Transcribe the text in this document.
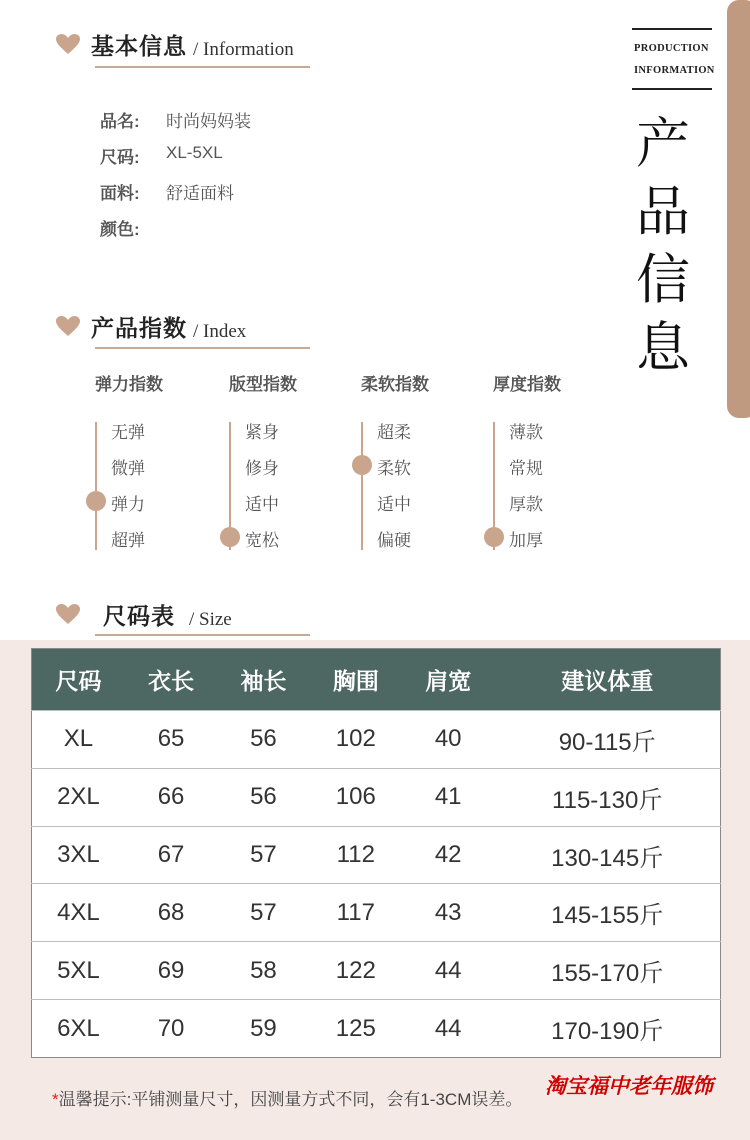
PRODUCTION
INFORMATION
产
品
信
息
基本信息 / Information
品名:	时尚妈妈装
尺码:	XL-5XL
面料:	舒适面料
颜色:
产品指数 / Index
弹力指数
无弹
微弹
弹力
超弹
版型指数
紧身
修身
适中
宽松
柔软指数
超柔
柔软
适中
偏硬
厚度指数
薄款
常规
厚款
加厚
尺码表 / Size
尺码	衣长	袖长	胸围	肩宽	建议体重
XL	65	56	102	40	90-115斤
2XL	66	56	106	41	115-130斤
3XL	67	57	112	42	130-145斤
4XL	68	57	117	43	145-155斤
5XL	69	58	122	44	155-170斤
6XL	70	59	125	44	170-190斤
*温馨提示:平铺测量尺寸，因测量方式不同，会有1-3CM误差。
淘宝福中老年服饰
